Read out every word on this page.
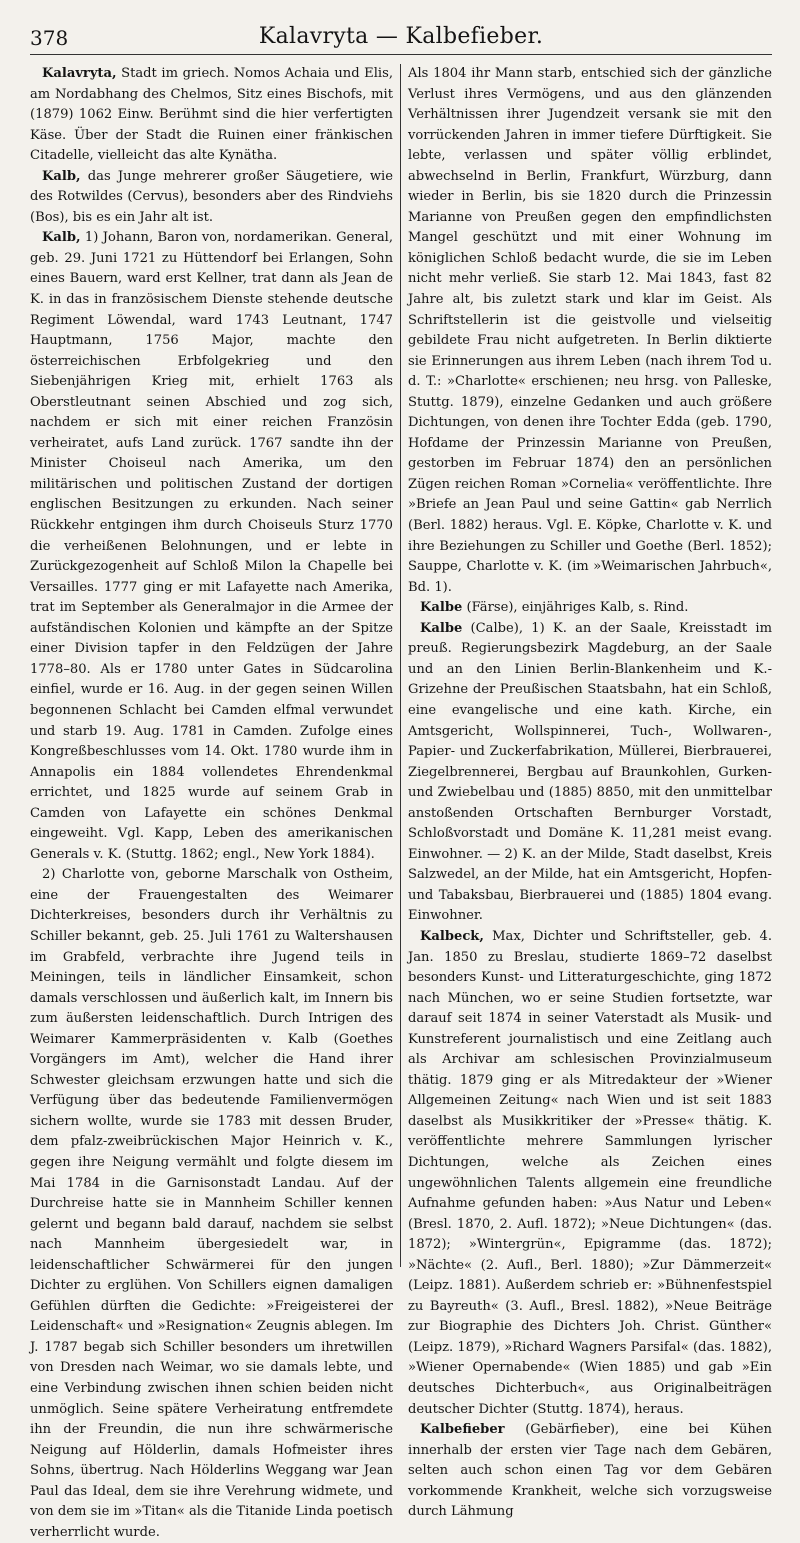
378	Kalavryta — Kalbefieber.

Kalavryta, Stadt im griech. Nomos Achaia und Elis, am Nordabhang des Chelmos, Sitz eines Bischofs, mit (1879) 1062 Einw. Berühmt sind die hier verfertigten Käse. Über der Stadt die Ruinen einer fränkischen Citadelle, vielleicht das alte Kynätha.

Kalb, das Junge mehrerer großer Säugetiere, wie des Rotwildes (Cervus), besonders aber des Rindviehs (Bos), bis es ein Jahr alt ist.

Kalb, 1) Johann, Baron von, nordamerikan. General, geb. 29. Juni 1721 zu Hüttendorf bei Erlangen, Sohn eines Bauern, ward erst Kellner, trat dann als Jean de K. in das in französischem Dienste stehende deutsche Regiment Löwendal, ward 1743 Leutnant, 1747 Hauptmann, 1756 Major, machte den österreichischen Erbfolgekrieg und den Siebenjährigen Krieg mit, erhielt 1763 als Oberstleutnant seinen Abschied und zog sich, nachdem er sich mit einer reichen Französin verheiratet, aufs Land zurück. 1767 sandte ihn der Minister Choiseul nach Amerika, um den militärischen und politischen Zustand der dortigen englischen Besitzungen zu erkunden. Nach seiner Rückkehr entgingen ihm durch Choiseuls Sturz 1770 die verheißenen Belohnungen, und er lebte in Zurückgezogenheit auf Schloß Milon la Chapelle bei Versailles. 1777 ging er mit Lafayette nach Amerika, trat im September als Generalmajor in die Armee der aufständischen Kolonien und kämpfte an der Spitze einer Division tapfer in den Feldzügen der Jahre 1778–80. Als er 1780 unter Gates in Südcarolina einfiel, wurde er 16. Aug. in der gegen seinen Willen begonnenen Schlacht bei Camden elfmal verwundet und starb 19. Aug. 1781 in Camden. Zufolge eines Kongreßbeschlusses vom 14. Okt. 1780 wurde ihm in Annapolis ein 1884 vollendetes Ehrendenkmal errichtet, und 1825 wurde auf seinem Grab in Camden von Lafayette ein schönes Denkmal eingeweiht. Vgl. Kapp, Leben des amerikanischen Generals v. K. (Stuttg. 1862; engl., New York 1884).

2) Charlotte von, geborne Marschalk von Ostheim, eine der Frauengestalten des Weimarer Dichterkreises, besonders durch ihr Verhältnis zu Schiller bekannt, geb. 25. Juli 1761 zu Waltershausen im Grabfeld, verbrachte ihre Jugend teils in Meiningen, teils in ländlicher Einsamkeit, schon damals verschlossen und äußerlich kalt, im Innern bis zum äußersten leidenschaftlich. Durch Intrigen des Weimarer Kammerpräsidenten v. Kalb (Goethes Vorgängers im Amt), welcher die Hand ihrer Schwester gleichsam erzwungen hatte und sich die Verfügung über das bedeutende Familienvermögen sichern wollte, wurde sie 1783 mit dessen Bruder, dem pfalz-zweibrückischen Major Heinrich v. K., gegen ihre Neigung vermählt und folgte diesem im Mai 1784 in die Garnisonstadt Landau. Auf der Durchreise hatte sie in Mannheim Schiller kennen gelernt und begann bald darauf, nachdem sie selbst nach Mannheim übergesiedelt war, in leidenschaftlicher Schwärmerei für den jungen Dichter zu erglühen. Von Schillers eignen damaligen Gefühlen dürften die Gedichte: »Freigeisterei der Leidenschaft« und »Resignation« Zeugnis ablegen. Im J. 1787 begab sich Schiller besonders um ihretwillen von Dresden nach Weimar, wo sie damals lebte, und eine Verbindung zwischen ihnen schien beiden nicht unmöglich. Seine spätere Verheiratung entfremdete ihn der Freundin, die nun ihre schwärmerische Neigung auf Hölderlin, damals Hofmeister ihres Sohns, übertrug. Nach Hölderlins Weggang war Jean Paul das Ideal, dem sie ihre Verehrung widmete, und von dem sie im »Titan« als die Titanide Linda poetisch verherrlicht wurde.

Als 1804 ihr Mann starb, entschied sich der gänzliche Verlust ihres Vermögens, und aus den glänzenden Verhältnissen ihrer Jugendzeit versank sie mit den vorrückenden Jahren in immer tiefere Dürftigkeit. Sie lebte, verlassen und später völlig erblindet, abwechselnd in Berlin, Frankfurt, Würzburg, dann wieder in Berlin, bis sie 1820 durch die Prinzessin Marianne von Preußen gegen den empfindlichsten Mangel geschützt und mit einer Wohnung im königlichen Schloß bedacht wurde, die sie im Leben nicht mehr verließ. Sie starb 12. Mai 1843, fast 82 Jahre alt, bis zuletzt stark und klar im Geist. Als Schriftstellerin ist die geistvolle und vielseitig gebildete Frau nicht aufgetreten. In Berlin diktierte sie Erinnerungen aus ihrem Leben (nach ihrem Tod u. d. T.: »Charlotte« erschienen; neu hrsg. von Palleske, Stuttg. 1879), einzelne Gedanken und auch größere Dichtungen, von denen ihre Tochter Edda (geb. 1790, Hofdame der Prinzessin Marianne von Preußen, gestorben im Februar 1874) den an persönlichen Zügen reichen Roman »Cornelia« veröffentlichte. Ihre »Briefe an Jean Paul und seine Gattin« gab Nerrlich (Berl. 1882) heraus. Vgl. E. Köpke, Charlotte v. K. und ihre Beziehungen zu Schiller und Goethe (Berl. 1852); Sauppe, Charlotte v. K. (im »Weimarischen Jahrbuch«, Bd. 1).

Kalbe (Färse), einjähriges Kalb, s. Rind.

Kalbe (Calbe), 1) K. an der Saale, Kreisstadt im preuß. Regierungsbezirk Magdeburg, an der Saale und an den Linien Berlin-Blankenheim und K.-Grizehne der Preußischen Staatsbahn, hat ein Schloß, eine evangelische und eine kath. Kirche, ein Amtsgericht, Wollspinnerei, Tuch-, Wollwaren-, Papier- und Zuckerfabrikation, Müllerei, Bierbrauerei, Ziegelbrennerei, Bergbau auf Braunkohlen, Gurken- und Zwiebelbau und (1885) 8850, mit den unmittelbar anstoßenden Ortschaften Bernburger Vorstadt, Schloßvorstadt und Domäne K. 11,281 meist evang. Einwohner. — 2) K. an der Milde, Stadt daselbst, Kreis Salzwedel, an der Milde, hat ein Amtsgericht, Hopfen- und Tabaksbau, Bierbrauerei und (1885) 1804 evang. Einwohner.

Kalbeck, Max, Dichter und Schriftsteller, geb. 4. Jan. 1850 zu Breslau, studierte 1869–72 daselbst besonders Kunst- und Litteraturgeschichte, ging 1872 nach München, wo er seine Studien fortsetzte, war darauf seit 1874 in seiner Vaterstadt als Musik- und Kunstreferent journalistisch und eine Zeitlang auch als Archivar am schlesischen Provinzialmuseum thätig. 1879 ging er als Mitredakteur der »Wiener Allgemeinen Zeitung« nach Wien und ist seit 1883 daselbst als Musikkritiker der »Presse« thätig. K. veröffentlichte mehrere Sammlungen lyrischer Dichtungen, welche als Zeichen eines ungewöhnlichen Talents allgemein eine freundliche Aufnahme gefunden haben: »Aus Natur und Leben« (Bresl. 1870, 2. Aufl. 1872); »Neue Dichtungen« (das. 1872); »Wintergrün«, Epigramme (das. 1872); »Nächte« (2. Aufl., Berl. 1880); »Zur Dämmerzeit« (Leipz. 1881). Außerdem schrieb er: »Bühnenfestspiel zu Bayreuth« (3. Aufl., Bresl. 1882), »Neue Beiträge zur Biographie des Dichters Joh. Christ. Günther« (Leipz. 1879), »Richard Wagners Parsifal« (das. 1882), »Wiener Opernabende« (Wien 1885) und gab »Ein deutsches Dichterbuch«, aus Originalbeiträgen deutscher Dichter (Stuttg. 1874), heraus.

Kalbefieber (Gebärfieber), eine bei Kühen innerhalb der ersten vier Tage nach dem Gebären, selten auch schon einen Tag vor dem Gebären vorkommende Krankheit, welche sich vorzugsweise durch Lähmung
